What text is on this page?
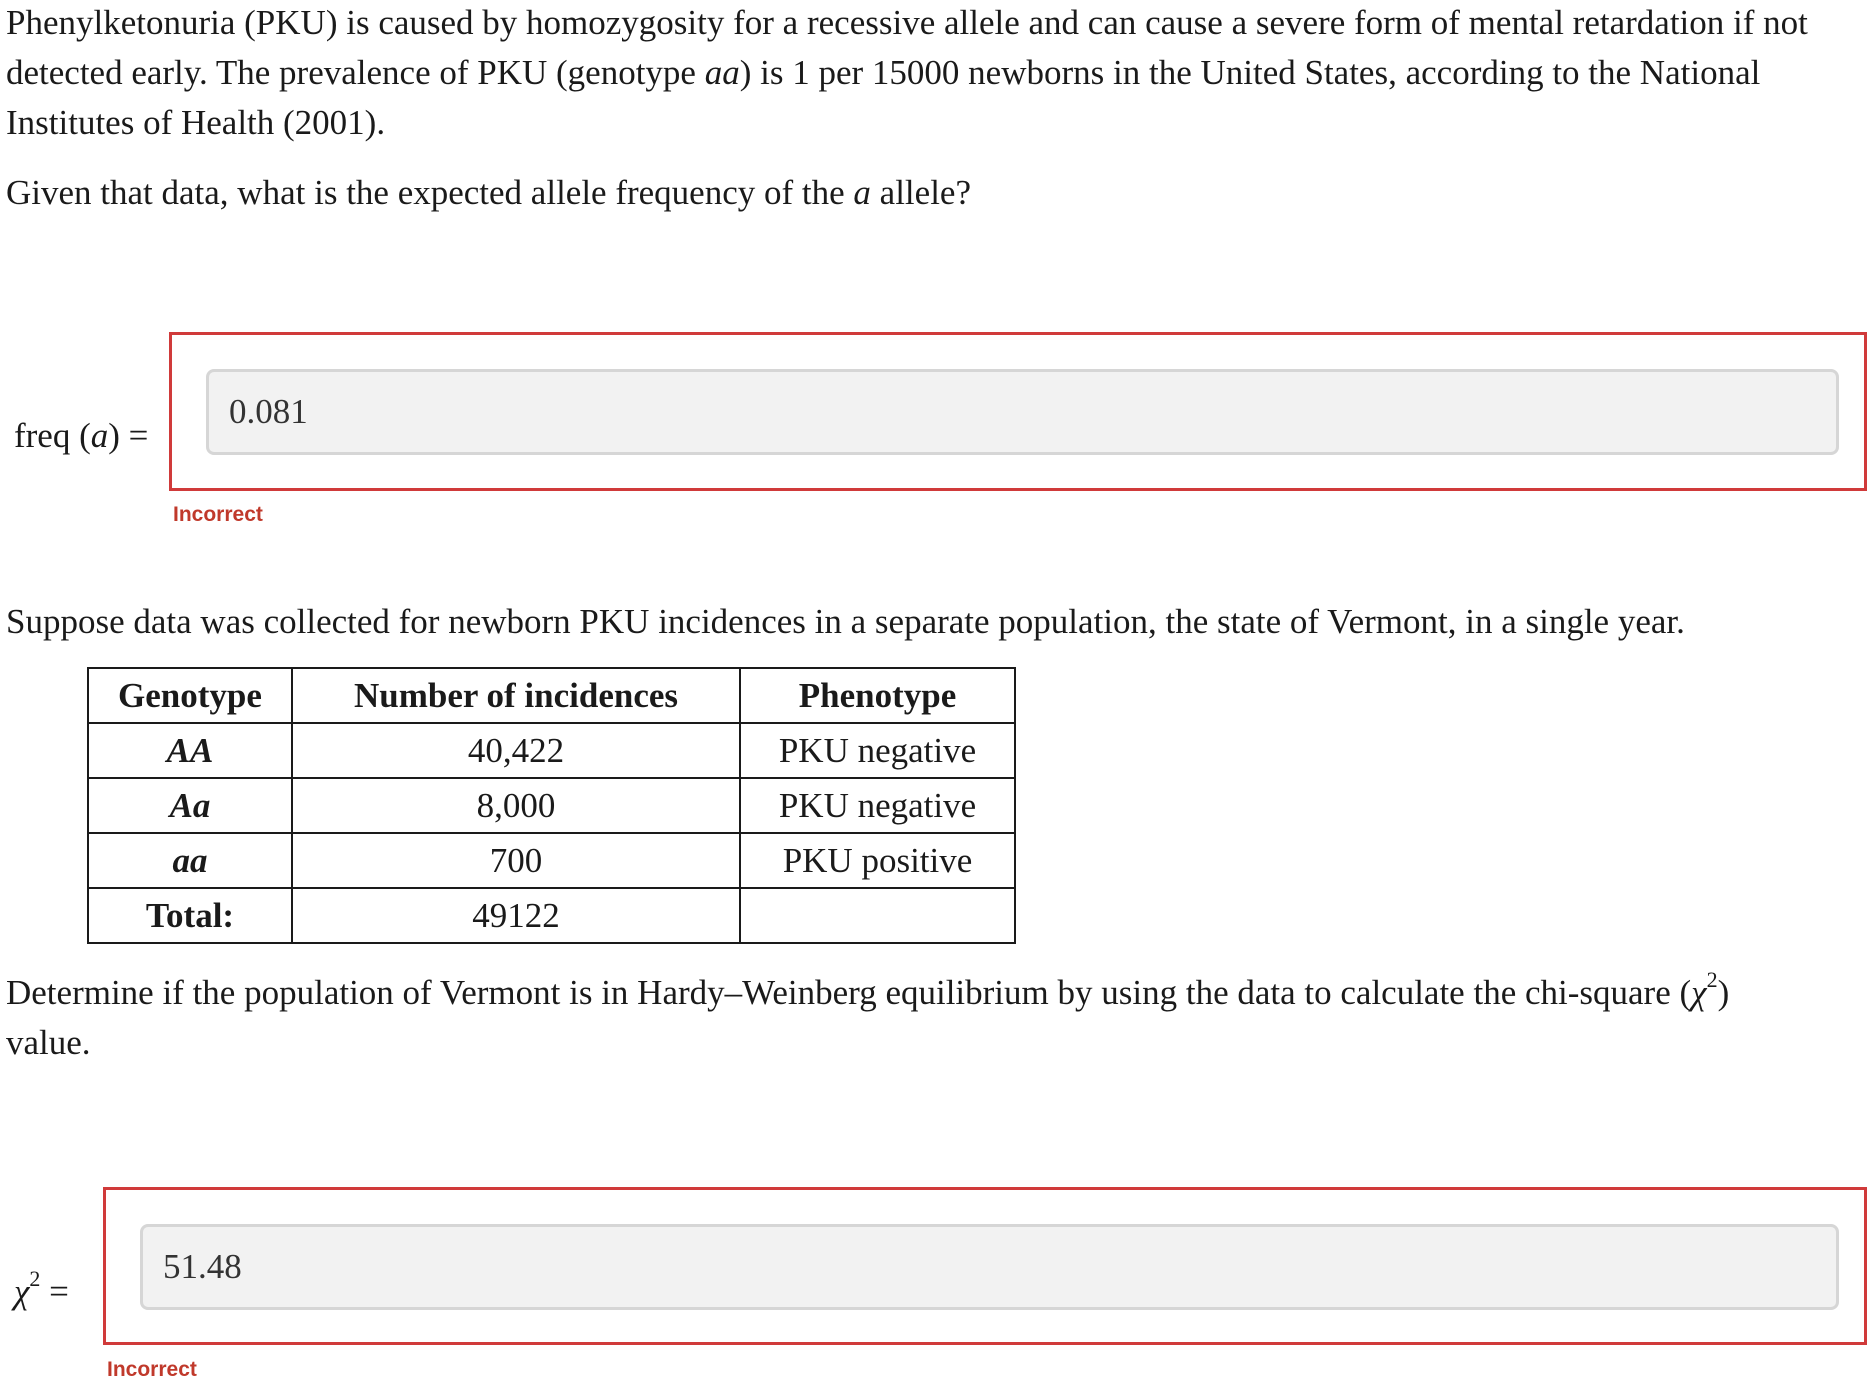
Phenylketonuria (PKU) is caused by homozygosity for a recessive allele and can cause a severe form of mental retardation if not detected early. The prevalence of PKU (genotype aa) is 1 per 15000 newborns in the United States, according to the National Institutes of Health (2001).

Given that data, what is the expected allele frequency of the a allele?

freq (a) =
0.081
Incorrect

Suppose data was collected for newborn PKU incidences in a separate population, the state of Vermont, in a single year.

Genotype	Number of incidences	Phenotype
AA	40,422	PKU negative
Aa	8,000	PKU negative
aa	700	PKU positive
Total:	49122	

Determine if the population of Vermont is in Hardy–Weinberg equilibrium by using the data to calculate the chi-square $(\chi^2)$ value.

$\chi^2$ =
51.48
Incorrect
